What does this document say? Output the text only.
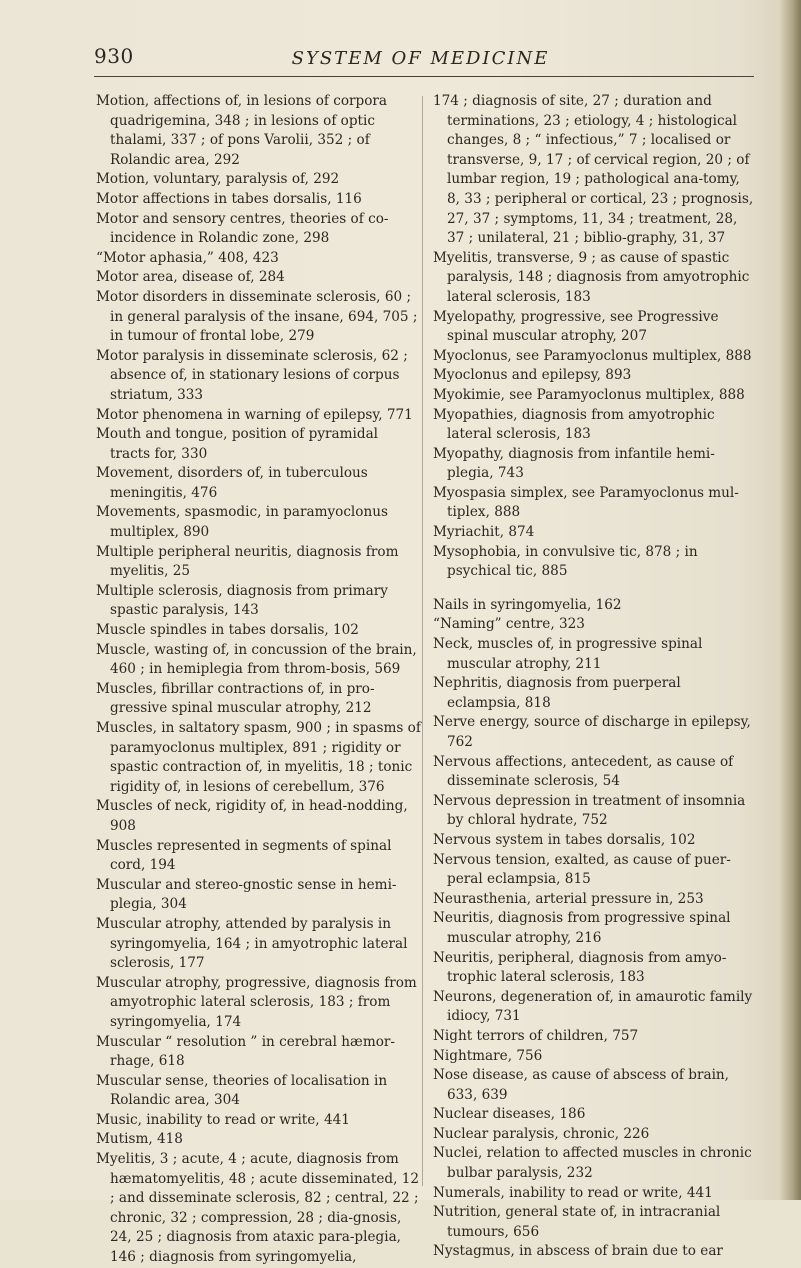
930	SYSTEM OF MEDICINE

Motion, affections of, in lesions of corpora quadrigemina, 348 ; in lesions of optic thalami, 337 ; of pons Varolii, 352 ; of Rolandic area, 292

Motion, voluntary, paralysis of, 292

Motor affections in tabes dorsalis, 116

Motor and sensory centres, theories of co-incidence in Rolandic zone, 298

“Motor aphasia,” 408, 423

Motor area, disease of, 284

Motor disorders in disseminate sclerosis, 60 ; in general paralysis of the insane, 694, 705 ; in tumour of frontal lobe, 279

Motor paralysis in disseminate sclerosis, 62 ; absence of, in stationary lesions of corpus striatum, 333

Motor phenomena in warning of epilepsy, 771

Mouth and tongue, position of pyramidal tracts for, 330

Movement, disorders of, in tuberculous meningitis, 476

Movements, spasmodic, in paramyoclonus multiplex, 890

Multiple peripheral neuritis, diagnosis from myelitis, 25

Multiple sclerosis, diagnosis from primary spastic paralysis, 143

Muscle spindles in tabes dorsalis, 102

Muscle, wasting of, in concussion of the brain, 460 ; in hemiplegia from throm-bosis, 569

Muscles, fibrillar contractions of, in pro-gressive spinal muscular atrophy, 212

Muscles, in saltatory spasm, 900 ; in spasms of paramyoclonus multiplex, 891 ; rigidity or spastic contraction of, in myelitis, 18 ; tonic rigidity of, in lesions of cerebellum, 376

Muscles of neck, rigidity of, in head-nodding, 908

Muscles represented in segments of spinal cord, 194

Muscular and stereo-gnostic sense in hemi-plegia, 304

Muscular atrophy, attended by paralysis in syringomyelia, 164 ; in amyotrophic lateral sclerosis, 177

Muscular atrophy, progressive, diagnosis from amyotrophic lateral sclerosis, 183 ; from syringomyelia, 174

Muscular “ resolution ” in cerebral hæmor-rhage, 618

Muscular sense, theories of localisation in Rolandic area, 304

Music, inability to read or write, 441

Mutism, 418

Myelitis, 3 ; acute, 4 ; acute, diagnosis from hæmatomyelitis, 48 ; acute disseminated, 12 ; and disseminate sclerosis, 82 ; central, 22 ; chronic, 32 ; compression, 28 ; dia-gnosis, 24, 25 ; diagnosis from ataxic para-plegia, 146 ; diagnosis from syringomyelia,

174 ; diagnosis of site, 27 ; duration and terminations, 23 ; etiology, 4 ; histological changes, 8 ; “ infectious,” 7 ; localised or transverse, 9, 17 ; of cervical region, 20 ; of lumbar region, 19 ; pathological ana-tomy, 8, 33 ; peripheral or cortical, 23 ; prognosis, 27, 37 ; symptoms, 11, 34 ; treatment, 28, 37 ; unilateral, 21 ; biblio-graphy, 31, 37

Myelitis, transverse, 9 ; as cause of spastic paralysis, 148 ; diagnosis from amyotrophic lateral sclerosis, 183

Myelopathy, progressive, see Progressive spinal muscular atrophy, 207

Myoclonus, see Paramyoclonus multiplex, 888

Myoclonus and epilepsy, 893

Myokimie, see Paramyoclonus multiplex, 888

Myopathies, diagnosis from amyotrophic lateral sclerosis, 183

Myopathy, diagnosis from infantile hemi-plegia, 743

Myospasia simplex, see Paramyoclonus mul-tiplex, 888

Myriachit, 874

Mysophobia, in convulsive tic, 878 ; in psychical tic, 885

Nails in syringomyelia, 162

“Naming” centre, 323

Neck, muscles of, in progressive spinal muscular atrophy, 211

Nephritis, diagnosis from puerperal eclampsia, 818

Nerve energy, source of discharge in epilepsy, 762

Nervous affections, antecedent, as cause of disseminate sclerosis, 54

Nervous depression in treatment of insomnia by chloral hydrate, 752

Nervous system in tabes dorsalis, 102

Nervous tension, exalted, as cause of puer-peral eclampsia, 815

Neurasthenia, arterial pressure in, 253

Neuritis, diagnosis from progressive spinal muscular atrophy, 216

Neuritis, peripheral, diagnosis from amyo-trophic lateral sclerosis, 183

Neurons, degeneration of, in amaurotic family idiocy, 731

Night terrors of children, 757

Nightmare, 756

Nose disease, as cause of abscess of brain, 633, 639

Nuclear diseases, 186

Nuclear paralysis, chronic, 226

Nuclei, relation to affected muscles in chronic bulbar paralysis, 232

Numerals, inability to read or write, 441

Nutrition, general state of, in intracranial tumours, 656

Nystagmus, in abscess of brain due to ear
